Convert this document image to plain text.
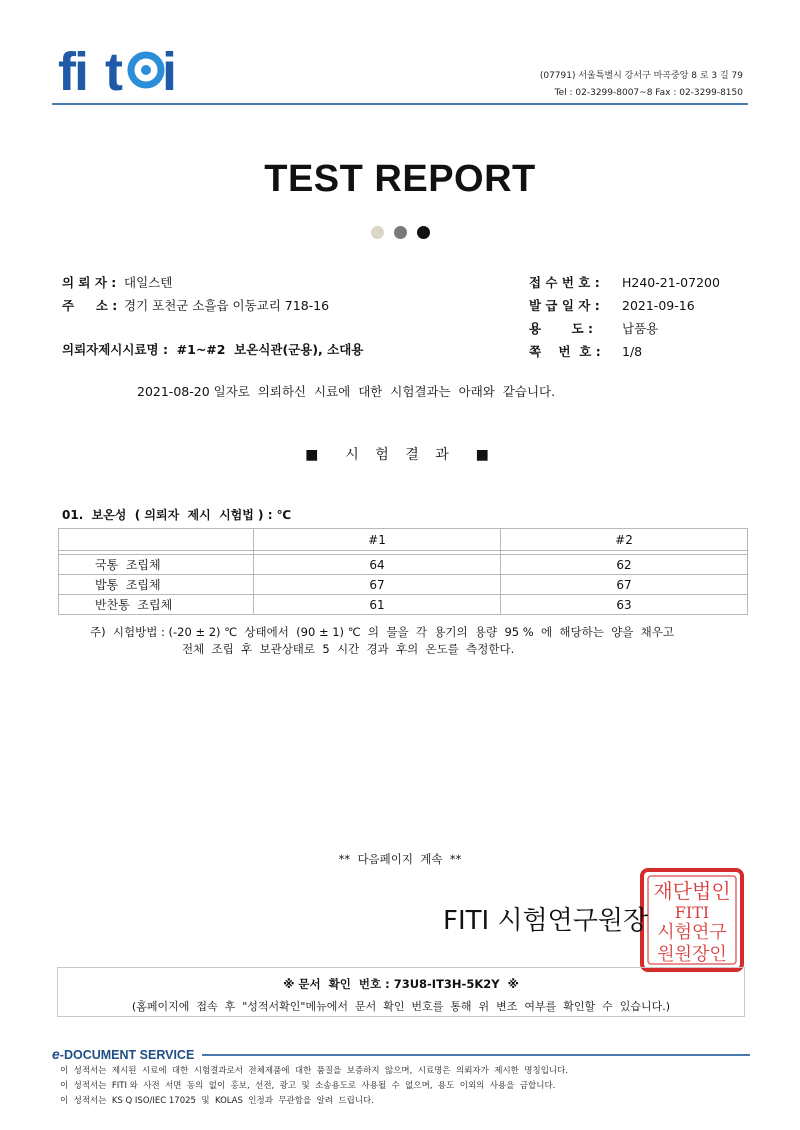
fi t i	(07791) 서울특별시 강서구 마곡중앙 8 로 3 길 79
Tel : 02-3299-8007~8 Fax : 02-3299-8150
TEST REPORT
의 뢰 자 : 대일스텐
주     소 : 경기 포천군 소흘읍 이동교리 718-16
접 수 번 호 :	H240-21-07200
발 급 일 자 :	2021-09-16
용       도 :	납품용
쪽    번  호 :	1/8
의뢰자제시시료명 :  #1~#2  보온식관(군용), 소대용
2021-08-20 일자로  의뢰하신  시료에  대한  시험결과는  아래와  같습니다.
■  시 험 결 과  ■
01.  보온성  ( 의뢰자  제시  시험법 ) : ℃
	#1	#2

국통  조립체	64	62
밥통  조립체	67	67
반찬통  조립체	61	63
주)  시험방법 : (-20 ± 2) ℃  상태에서  (90 ± 1) ℃  의  물을  각  용기의  용량  95 %  에  해당하는  양을  채우고
전체  조립  후  보관상태로  5  시간  경과  후의  온도를  측정한다.
**  다음페이지  계속  **
재단법인
FITI
시험연구
원원장인
FITI 시험연구원장
※ 문서  확인  번호 : 73U8-IT3H-5K2Y  ※
(홈페이지에  접속  후  "성적서확인"메뉴에서  문서  확인  번호를  통해  위  변조  여부를  확인할  수  있습니다.)
e-DOCUMENT SERVICE
이  성적서는  제시된  시료에  대한  시험결과로서  전체제품에  대한  품질을  보증하지  않으며,  시료명은  의뢰자가  제시한  명칭입니다.
이  성적서는  FITI 와  사전  서면  동의  없이  홍보,  선전,  광고  및  소송용도로  사용될  수  없으며,  용도  이외의  사용을  금합니다.
이  성적서는  KS Q ISO/IEC 17025  및  KOLAS  인정과  무관함을  알려  드립니다.
